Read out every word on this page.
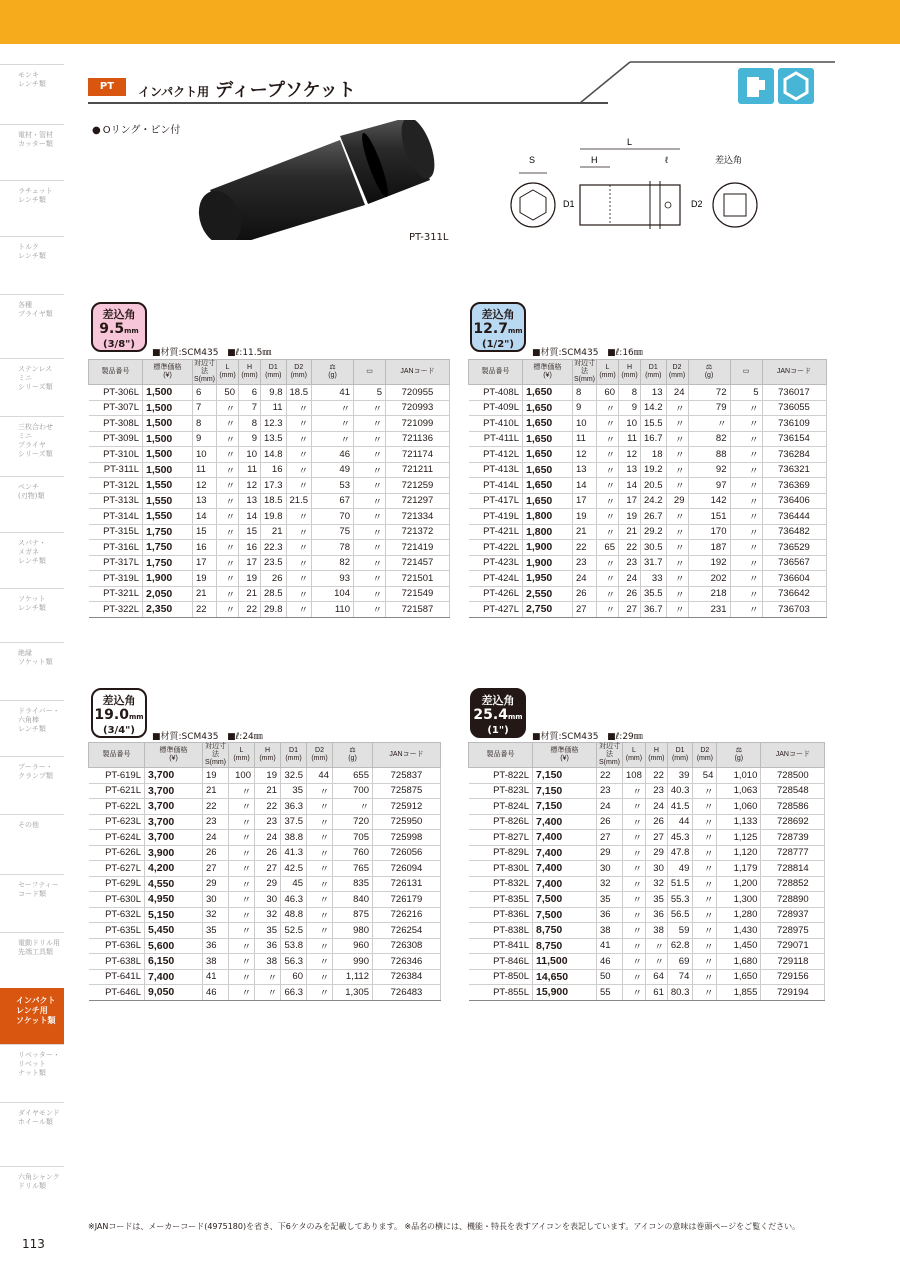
モンキ
レンチ類
電材・管材
カッター類
ラチェット
レンチ類
トルク
レンチ類
各種
プライヤ類
ステンレス
ミニ
シリーズ類
三枚合わせ
ミニ
プライヤ
シリーズ類
ペンチ
(刃物)類
スパナ・
メガネ
レンチ類
ソケット
レンチ類
絶縁
ソケット類
ドライバー・
六角棒
レンチ類
プーラー・
クランプ類
その他
セーフティー
コード類
電動ドリル用
先端工具類
インパクト
レンチ用
ソケット類
リベッター・
リベット
ナット類
ダイヤモンド
ホイール類
六角シャンク
ドリル類
113
PT	インパクト用 ディープソケット
● Oリング・ピン付
PT-311L
S	H
L
ℓ
D1	D2
差込角
差込角
9.5mm
(3/8")
■材質:SCM435 ■ℓ:11.5㎜
製品番号	標準価格
(¥)	対辺寸法
S(mm)	L
(mm)	H
(mm)	D1
(mm)	D2
(mm)	⚖
(g)	▭	JANコード
PT-306L	1,500	6	50	6	9.8	18.5	41	5	720955
PT-307L	1,500	7	〃	7	11	〃	〃	〃	720993
PT-308L	1,500	8	〃	8	12.3	〃	〃	〃	721099
PT-309L	1,500	9	〃	9	13.5	〃	〃	〃	721136
PT-310L	1,500	10	〃	10	14.8	〃	46	〃	721174
PT-311L	1,500	11	〃	11	16	〃	49	〃	721211
PT-312L	1,550	12	〃	12	17.3	〃	53	〃	721259
PT-313L	1,550	13	〃	13	18.5	21.5	67	〃	721297
PT-314L	1,550	14	〃	14	19.8	〃	70	〃	721334
PT-315L	1,750	15	〃	15	21	〃	75	〃	721372
PT-316L	1,750	16	〃	16	22.3	〃	78	〃	721419
PT-317L	1,750	17	〃	17	23.5	〃	82	〃	721457
PT-319L	1,900	19	〃	19	26	〃	93	〃	721501
PT-321L	2,050	21	〃	21	28.5	〃	104	〃	721549
PT-322L	2,350	22	〃	22	29.8	〃	110	〃	721587
差込角
12.7mm
(1/2")
■材質:SCM435 ■ℓ:16㎜
製品番号	標準価格
(¥)	対辺寸法
S(mm)	L
(mm)	H
(mm)	D1
(mm)	D2
(mm)	⚖
(g)	▭	JANコード
PT-408L	1,650	8	60	8	13	24	72	5	736017
PT-409L	1,650	9	〃	9	14.2	〃	79	〃	736055
PT-410L	1,650	10	〃	10	15.5	〃	〃	〃	736109
PT-411L	1,650	11	〃	11	16.7	〃	82	〃	736154
PT-412L	1,650	12	〃	12	18	〃	88	〃	736284
PT-413L	1,650	13	〃	13	19.2	〃	92	〃	736321
PT-414L	1,650	14	〃	14	20.5	〃	97	〃	736369
PT-417L	1,650	17	〃	17	24.2	29	142	〃	736406
PT-419L	1,800	19	〃	19	26.7	〃	151	〃	736444
PT-421L	1,800	21	〃	21	29.2	〃	170	〃	736482
PT-422L	1,900	22	65	22	30.5	〃	187	〃	736529
PT-423L	1,900	23	〃	23	31.7	〃	192	〃	736567
PT-424L	1,950	24	〃	24	33	〃	202	〃	736604
PT-426L	2,550	26	〃	26	35.5	〃	218	〃	736642
PT-427L	2,750	27	〃	27	36.7	〃	231	〃	736703
差込角
19.0mm
(3/4")
■材質:SCM435 ■ℓ:24㎜
製品番号	標準価格
(¥)	対辺寸法
S(mm)	L
(mm)	H
(mm)	D1
(mm)	D2
(mm)	⚖
(g)	JANコード
PT-619L	3,700	19	100	19	32.5	44	655	725837
PT-621L	3,700	21	〃	21	35	〃	700	725875
PT-622L	3,700	22	〃	22	36.3	〃	〃	725912
PT-623L	3,700	23	〃	23	37.5	〃	720	725950
PT-624L	3,700	24	〃	24	38.8	〃	705	725998
PT-626L	3,900	26	〃	26	41.3	〃	760	726056
PT-627L	4,200	27	〃	27	42.5	〃	765	726094
PT-629L	4,550	29	〃	29	45	〃	835	726131
PT-630L	4,950	30	〃	30	46.3	〃	840	726179
PT-632L	5,150	32	〃	32	48.8	〃	875	726216
PT-635L	5,450	35	〃	35	52.5	〃	980	726254
PT-636L	5,600	36	〃	36	53.8	〃	960	726308
PT-638L	6,150	38	〃	38	56.3	〃	990	726346
PT-641L	7,400	41	〃	〃	60	〃	1,112	726384
PT-646L	9,050	46	〃	〃	66.3	〃	1,305	726483
差込角
25.4mm
(1")
■材質:SCM435 ■ℓ:29㎜
製品番号	標準価格
(¥)	対辺寸法
S(mm)	L
(mm)	H
(mm)	D1
(mm)	D2
(mm)	⚖
(g)	JANコード
PT-822L	7,150	22	108	22	39	54	1,010	728500
PT-823L	7,150	23	〃	23	40.3	〃	1,063	728548
PT-824L	7,150	24	〃	24	41.5	〃	1,060	728586
PT-826L	7,400	26	〃	26	44	〃	1,133	728692
PT-827L	7,400	27	〃	27	45.3	〃	1,125	728739
PT-829L	7,400	29	〃	29	47.8	〃	1,120	728777
PT-830L	7,400	30	〃	30	49	〃	1,179	728814
PT-832L	7,400	32	〃	32	51.5	〃	1,200	728852
PT-835L	7,500	35	〃	35	55.3	〃	1,300	728890
PT-836L	7,500	36	〃	36	56.5	〃	1,280	728937
PT-838L	8,750	38	〃	38	59	〃	1,430	728975
PT-841L	8,750	41	〃	〃	62.8	〃	1,450	729071
PT-846L	11,500	46	〃	〃	69	〃	1,680	729118
PT-850L	14,650	50	〃	64	74	〃	1,650	729156
PT-855L	15,900	55	〃	61	80.3	〃	1,855	729194
※JANコードは、メーカーコード(4975180)を省き、下6ケタのみを記載してあります。 ※品名の横には、機能・特長を表すアイコンを表記しています。アイコンの意味は巻頭ページをご覧ください。
